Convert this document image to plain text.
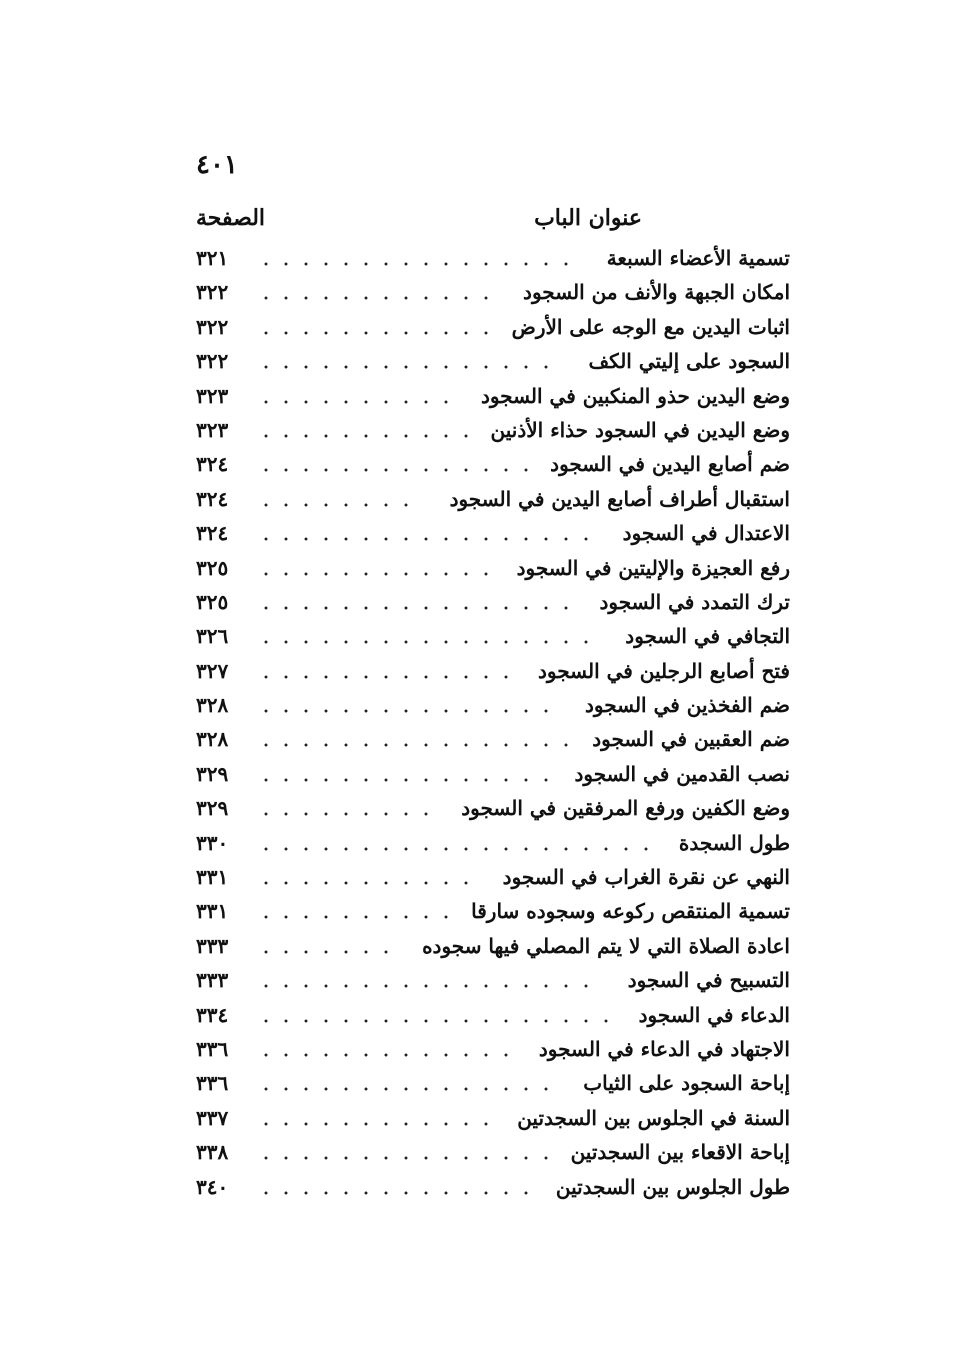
٤٠١
عنوان الباب
الصفحة
تسمية الأعضاء السبعة
٣٢١
امكان الجبهة والأنف من السجود
٣٢٢
اثبات اليدين مع الوجه على الأرض
٣٢٢
السجود على إليتي الكف
٣٢٢
وضع اليدين حذو المنكبين في السجود
٣٢٣
وضع اليدين في السجود حذاء الأذنين
٣٢٣
ضم أصابع اليدين في السجود
٣٢٤
استقبال أطراف أصابع اليدين في السجود
٣٢٤
الاعتدال في السجود
٣٢٤
رفع العجيزة والإليتين في السجود
٣٢٥
ترك التمدد في السجود
٣٢٥
التجافي في السجود
٣٢٦
فتح أصابع الرجلين في السجود
٣٢٧
ضم الفخذين في السجود
٣٢٨
ضم العقبين في السجود
٣٢٨
نصب القدمين في السجود
٣٢٩
وضع الكفين ورفع المرفقين في السجود
٣٢٩
طول السجدة
٣٣٠
النهي عن نقرة الغراب في السجود
٣٣١
تسمية المنتقص ركوعه وسجوده سارقا
٣٣١
اعادة الصلاة التي لا يتم المصلي فيها سجوده
٣٣٣
التسبيح في السجود
٣٣٣
الدعاء في السجود
٣٣٤
الاجتهاد في الدعاء في السجود
٣٣٦
إباحة السجود على الثياب
٣٣٦
السنة في الجلوس بين السجدتين
٣٣٧
إباحة الاقعاء بين السجدتين
٣٣٨
طول الجلوس بين السجدتين
٣٤٠
